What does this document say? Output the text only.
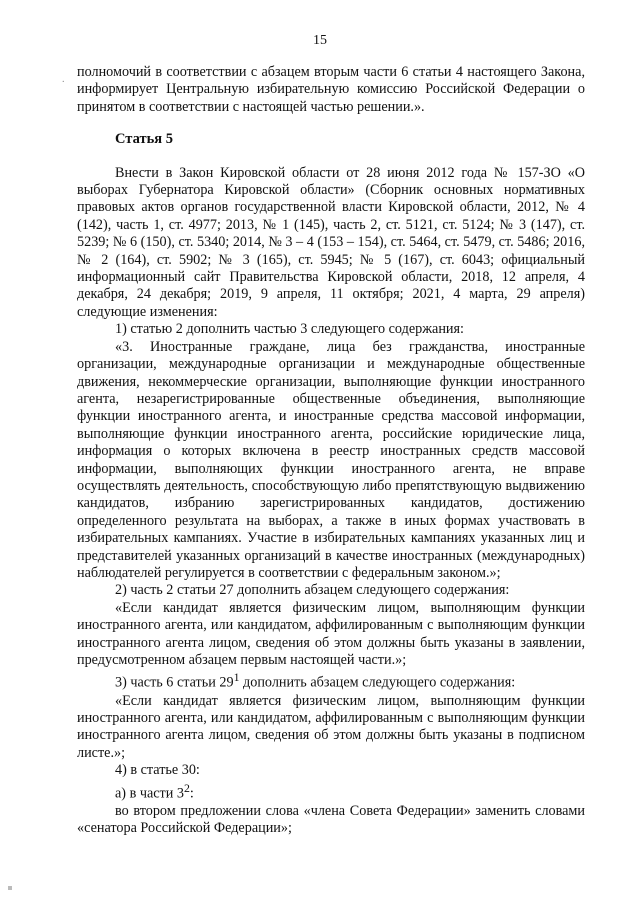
15
. полномочий в соответствии с абзацем вторым части 6 статьи 4 настоящего Закона, информирует Центральную избирательную комиссию Российской Федерации о принятом в соответствии с настоящей частью решении.».

Статья 5

Внести в Закон Кировской области от 28 июня 2012 года № 157-ЗО «О выборах Губернатора Кировской области» (Сборник основных нормативных правовых актов органов государственной власти Кировской области, 2012, № 4 (142), часть 1, ст. 4977; 2013, № 1 (145), часть 2, ст. 5121, ст. 5124; № 3 (147), ст. 5239; № 6 (150), ст. 5340; 2014, № 3 – 4 (153 – 154), ст. 5464, ст. 5479, ст. 5486; 2016, № 2 (164), ст. 5902; № 3 (165), ст. 5945; № 5 (167), ст. 6043; официальный информационный сайт Правительства Кировской области, 2018, 12 апреля, 4 декабря, 24 декабря; 2019, 9 апреля, 11 октября; 2021, 4 марта, 29 апреля) следующие изменения:

1) статью 2 дополнить частью 3 следующего содержания:

«3. Иностранные граждане, лица без гражданства, иностранные организации, международные организации и международные общественные движения, некоммерческие организации, выполняющие функции иностранного агента, незарегистрированные общественные объединения, выполняющие функции иностранного агента, и иностранные средства массовой информации, выполняющие функции иностранного агента, российские юридические лица, информация о которых включена в реестр иностранных средств массовой информации, выполняющих функции иностранного агента, не вправе осуществлять деятельность, способствующую либо препятствующую выдвижению кандидатов, избранию зарегистрированных кандидатов, достижению определенного результата на выборах, а также в иных формах участвовать в избирательных кампаниях. Участие в избирательных кампаниях указанных лиц и представителей указанных организаций в качестве иностранных (международных) наблюдателей регулируется в соответствии с федеральным законом.»;

2) часть 2 статьи 27 дополнить абзацем следующего содержания:

«Если кандидат является физическим лицом, выполняющим функции иностранного агента, или кандидатом, аффилированным с выполняющим функции иностранного агента лицом, сведения об этом должны быть указаны в заявлении, предусмотренном абзацем первым настоящей части.»;

3) часть 6 статьи $29^1$ дополнить абзацем следующего содержания:

«Если кандидат является физическим лицом, выполняющим функции иностранного агента, или кандидатом, аффилированным с выполняющим функции иностранного агента лицом, сведения об этом должны быть указаны в подписном листе.»;

4) в статье 30:

а) в части $3^2$:

во втором предложении слова «члена Совета Федерации» заменить словами «сенатора Российской Федерации»;
